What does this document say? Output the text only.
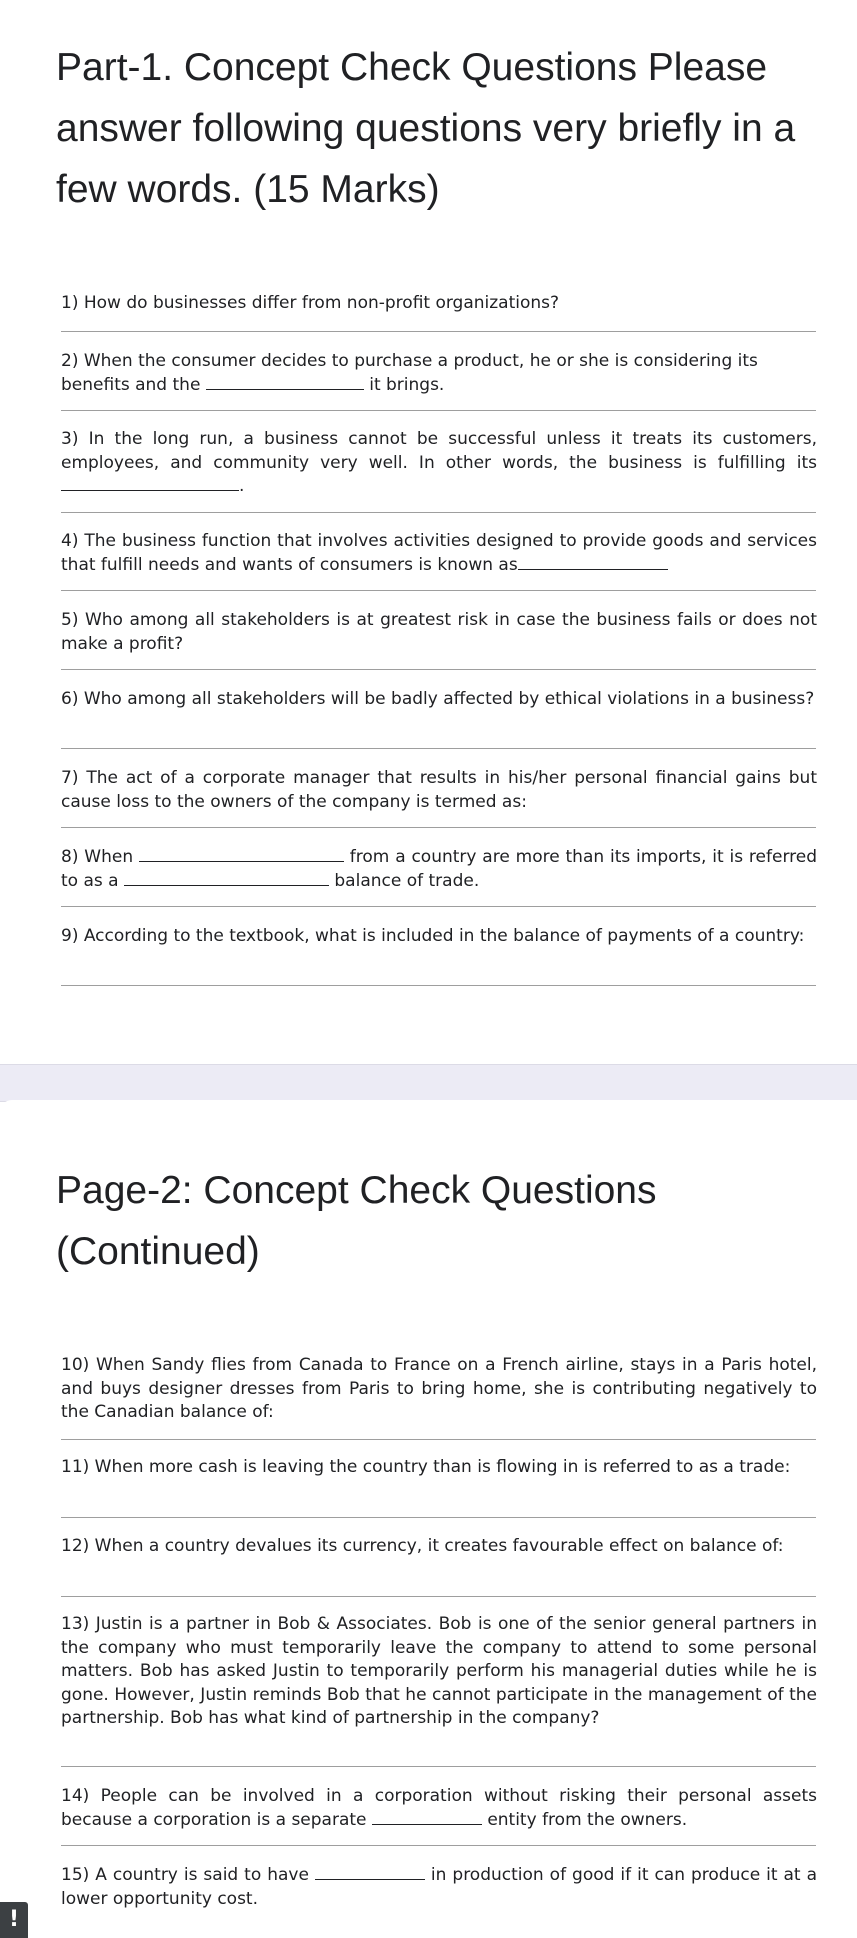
Part-1. Concept Check Questions Please answer following questions very briefly in a few words. (15 Marks)

1) How do businesses differ from non-profit organizations?

2) When the consumer decides to purchase a product, he or she is considering its benefits and the	it brings.

3) In the long run, a business cannot be successful unless it treats its customers, employees, and community very well. In other words, the business is fulfilling its.

4) The business function that involves activities designed to provide goods and services that fulfill needs and wants of consumers is known as

5) Who among all stakeholders is at greatest risk in case the business fails or does not make a profit?

6) Who among all stakeholders will be badly affected by ethical violations in a business?

7) The act of a corporate manager that results in his/her personal financial gains but cause loss to the owners of the company is termed as:

8) When	from a country are more than its imports, it is referred to as a	balance of trade.

9) According to the textbook, what is included in the balance of payments of a country:

Page-2: Concept Check Questions (Continued)

10) When Sandy flies from Canada to France on a French airline, stays in a Paris hotel, and buys designer dresses from Paris to bring home, she is contributing negatively to the Canadian balance of:

11) When more cash is leaving the country than is flowing in is referred to as a trade:

12) When a country devalues its currency, it creates favourable effect on balance of:

13) Justin is a partner in Bob & Associates. Bob is one of the senior general partners in the company who must temporarily leave the company to attend to some personal matters. Bob has asked Justin to temporarily perform his managerial duties while he is gone. However, Justin reminds Bob that he cannot participate in the management of the partnership. Bob has what kind of partnership in the company?

14) People can be involved in a corporation without risking their personal assets because a corporation is a separate	entity from the owners.

15) A country is said to have	in production of good if it can produce it at a lower opportunity cost.

!
